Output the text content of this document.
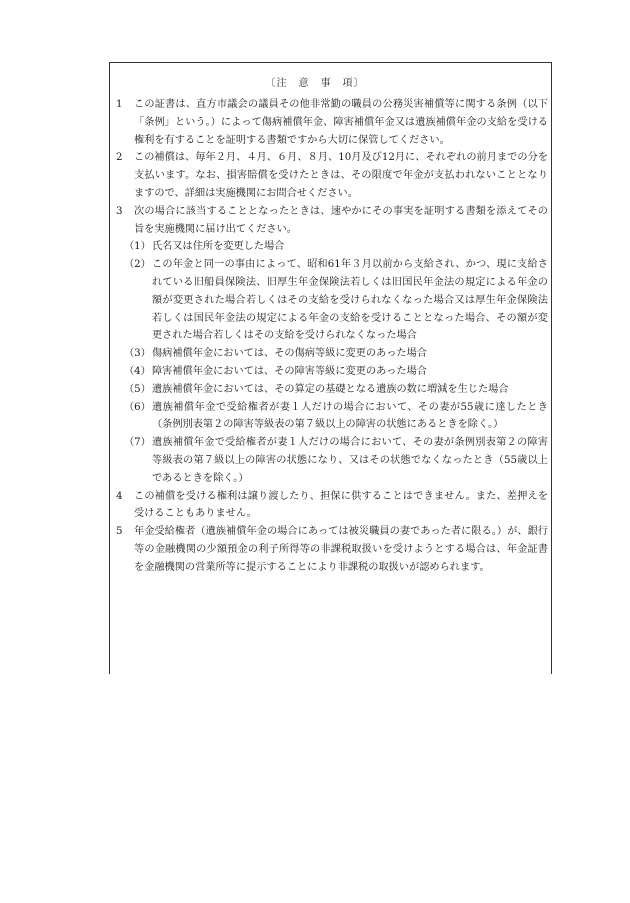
〔注　意　事　項〕
1	この証書は、直方市議会の議員その他非常勤の職員の公務災害補償等に関する条例（以下「条例」という。）によって傷病補償年金、障害補償年金又は遺族補償年金の支給を受ける権利を有することを証明する書類ですから大切に保管してください。
2	この補償は、毎年２月、４月、６月、８月、10月及び12月に、それぞれの前月までの分を支払います。なお、損害賠償を受けたときは、その限度で年金が支払われないこととなりますので、詳細は実施機関にお問合せください。
3	次の場合に該当することとなったときは、速やかにその事実を証明する書類を添えてその旨を実施機関に届け出てください。
（1） 氏名又は住所を変更した場合
（2） この年金と同一の事由によって、昭和61年３月以前から支給され、かつ、現に支給されている旧船員保険法、旧厚生年金保険法若しくは旧国民年金法の規定による年金の額が変更された場合若しくはその支給を受けられなくなった場合又は厚生年金保険法若しくは国民年金法の規定による年金の支給を受けることとなった場合、その額が変更された場合若しくはその支給を受けられなくなった場合
（3） 傷病補償年金においては、その傷病等級に変更のあった場合
（4） 障害補償年金においては、その障害等級に変更のあった場合
（5） 遺族補償年金においては、その算定の基礎となる遺族の数に増減を生じた場合
（6） 遺族補償年金で受給権者が妻１人だけの場合において、その妻が55歳に達したとき（条例別表第２の障害等級表の第７級以上の障害の状態にあるときを除く。）
（7） 遺族補償年金で受給権者が妻１人だけの場合において、その妻が条例別表第２の障害等級表の第７級以上の障害の状態になり、又はその状態でなくなったとき（55歳以上であるときを除く。）
4	この補償を受ける権利は譲り渡したり、担保に供することはできません。また、差押えを受けることもありません。
5	年金受給権者（遺族補償年金の場合にあっては被災職員の妻であった者に限る。）が、銀行等の金融機関の少額預金の利子所得等の非課税取扱いを受けようとする場合は、年金証書を金融機関の営業所等に提示することにより非課税の取扱いが認められます。
